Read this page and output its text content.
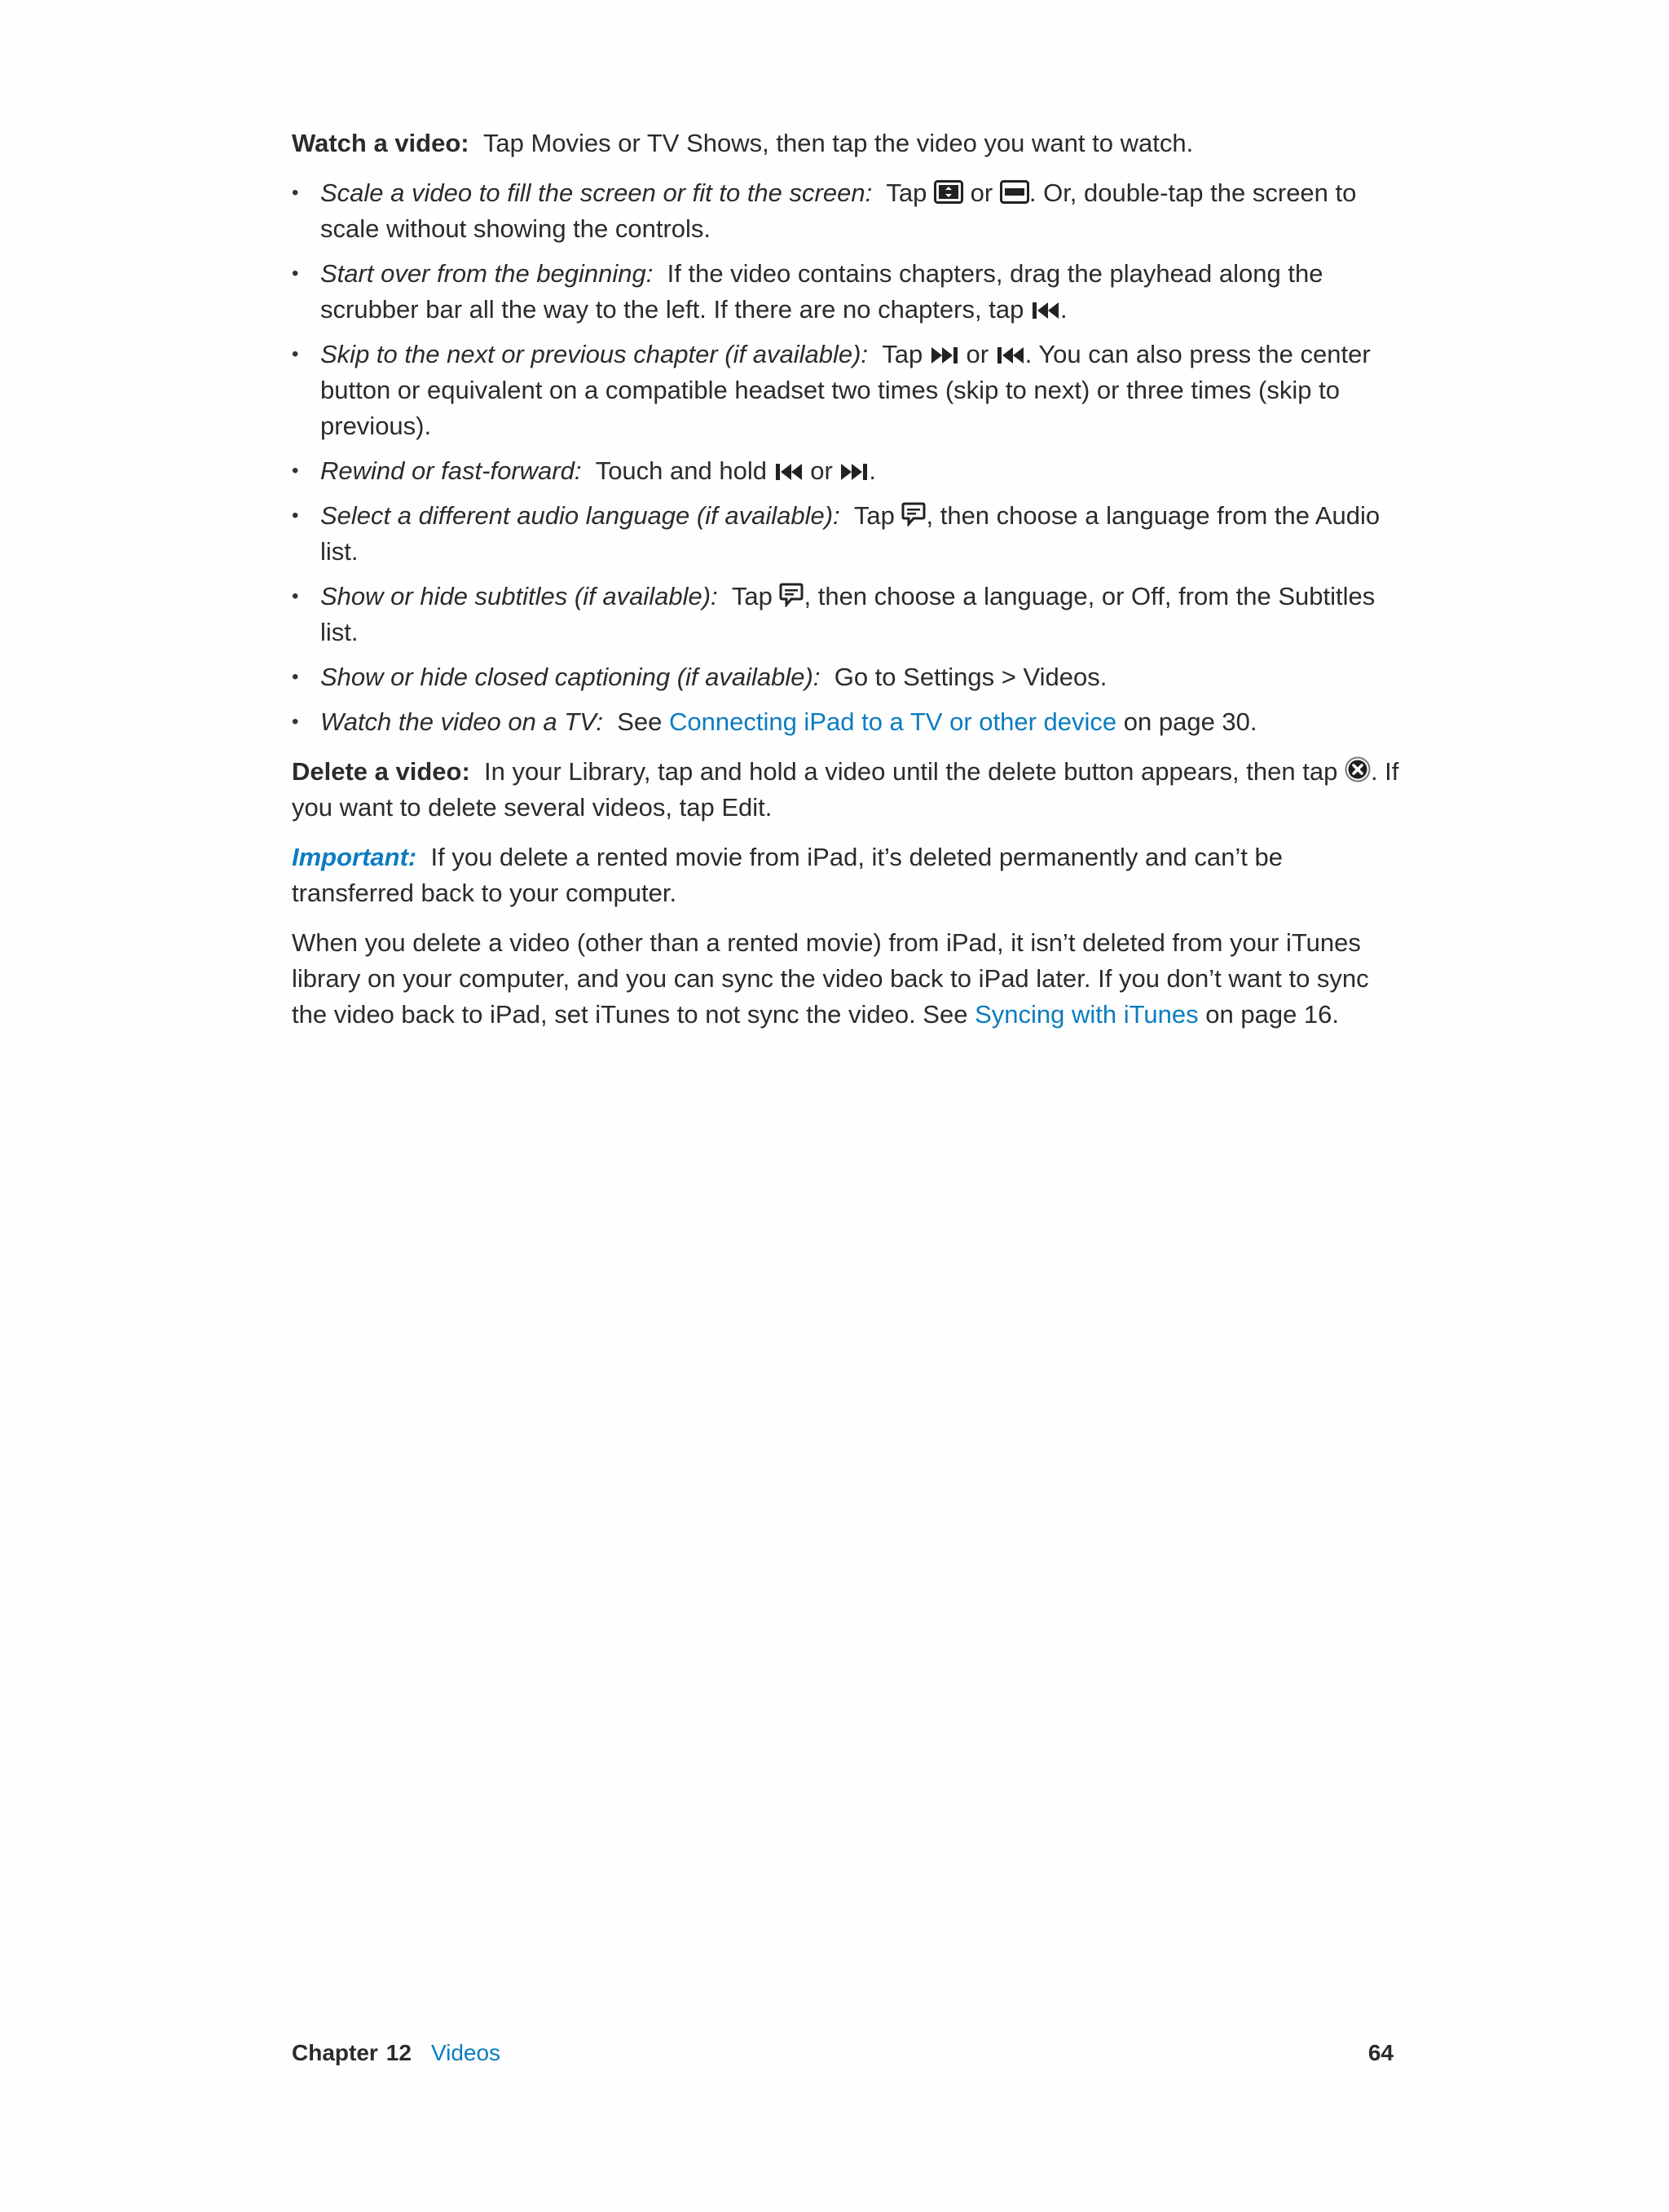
Watch a video: Tap Movies or TV Shows, then tap the video you want to watch.

• Scale a video to fill the screen or fit to the screen: Tap or . Or, double-tap the screen to scale without showing the controls.
• Start over from the beginning: If the video contains chapters, drag the playhead along the scrubber bar all the way to the left. If there are no chapters, tap .
• Skip to the next or previous chapter (if available): Tap or . You can also press the center button or equivalent on a compatible headset two times (skip to next) or three times (skip to previous).
• Rewind or fast-forward: Touch and hold or .
• Select a different audio language (if available): Tap , then choose a language from the Audio list.
• Show or hide subtitles (if available): Tap , then choose a language, or Off, from the Subtitles list.
• Show or hide closed captioning (if available): Go to Settings > Videos.
• Watch the video on a TV: See Connecting iPad to a TV or other device on page 30.

Delete a video: In your Library, tap and hold a video until the delete button appears, then tap . If you want to delete several videos, tap Edit.

Important: If you delete a rented movie from iPad, it’s deleted permanently and can’t be transferred back to your computer.

When you delete a video (other than a rented movie) from iPad, it isn’t deleted from your iTunes library on your computer, and you can sync the video back to iPad later. If you don’t want to sync the video back to iPad, set iTunes to not sync the video. See Syncing with iTunes on page 16.

Chapter 12 Videos	64
